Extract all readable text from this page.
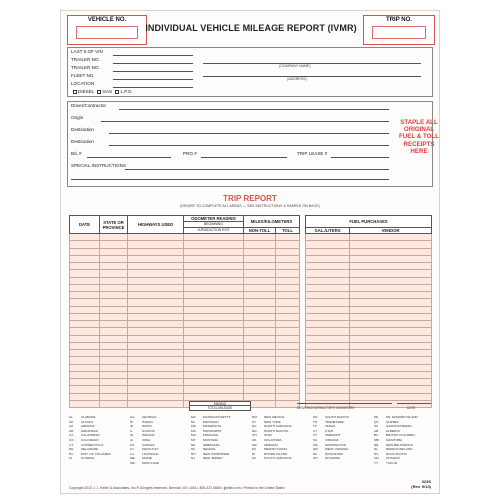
VEHICLE NO.
INDIVIDUAL VEHICLE MILEAGE REPORT (IVMR)
TRIP NO.
LAST 6 OF VIN
TRAILER NO.
TRAILER NO.
FLEET NO.
LOCATION
DIESEL GAS L.P.G.
(COMPANY NAME)
(ADDRESS)
Driver/Contractor
Origin
Destination
Destination
B/L #	PRO #	TRIP LEASE #
SPECIAL INSTRUCTIONS
STAPLE ALL ORIGINAL FUEL & TOLL RECEIPTS HERE
TRIP REPORT
(DRIVER TO COMPLETE ALL AREAS — SEE INSTRUCTIONS & SAMPLE ON BACK)
DATE	STATE OR PROVINCE	HIGHWAYS USED	ODOMETER READING	MILES/KILOMETERS			FUEL PURCHASES	
			BEGINNING					
			JURISDICTION EXIT	NON-TOLL	TOLL		GAL./LITERS	VENDOR

ENDING
TOTAL MILEAGE	DRIVER/CONTRACTOR'S SIGNATURE	DATE
AL	ALABAMA
AK	ALASKA
AZ	ARIZONA
AR ARKANSAS
CA CALIFORNIA
CO COLORADO
CT	CONNECTICUT
DE DELAWARE
DC DIST. OF COLUMBIA
FL	FLORIDA
GA GEORGIA
HI	HAWAII
ID	IDAHO
IL	ILLINOIS
IN	INDIANA
IA	IOWA
KS	KANSAS
KY	KENTUCKY
LA	LOUISIANA
ME MAINE
MD MARYLAND
MA MASSACHUSETTS
MI	MICHIGAN
MN MINNESOTA
MS MISSISSIPPI
MO MISSOURI
MT MONTANA
NE NEBRASKA
NV NEVADA
NH NEW HAMPSHIRE
NJ	NEW JERSEY
NM NEW MEXICO
NY NEW YORK
NC NORTH CAROLINA
ND NORTH DAKOTA
OH OHIO
OK OKLAHOMA
OR OREGON
PA	PENNSYLVANIA
RI	RHODE ISLAND
SC SOUTH CAROLINA
SD SOUTH DAKOTA
TN	TENNESSEE
TX	TEXAS
UT	UTAH
VT	VERMONT
VA	VIRGINIA
WA WASHINGTON
WV WEST VIRGINIA
WI	WISCONSIN
WY WYOMING
PE	PR. EDWARD ISLAND
QC QUEBEC
SK	SASKATCHEWAN
AB	ALBERTA
BC BRITISH COLUMBIA
MB MANITOBA
NB NEW BRUNSWICK
NL	NEWFOUNDLAND
NS NOVA SCOTIA
ON ONTARIO
YT	YUKON
Copyright 2013 J. J. Keller & Associates, Inc.® All rights reserved. Neenah, WI • USA • 800-327-6868 • jjkeller.com • Printed in the United States
323S
(Rev. 9/13)
